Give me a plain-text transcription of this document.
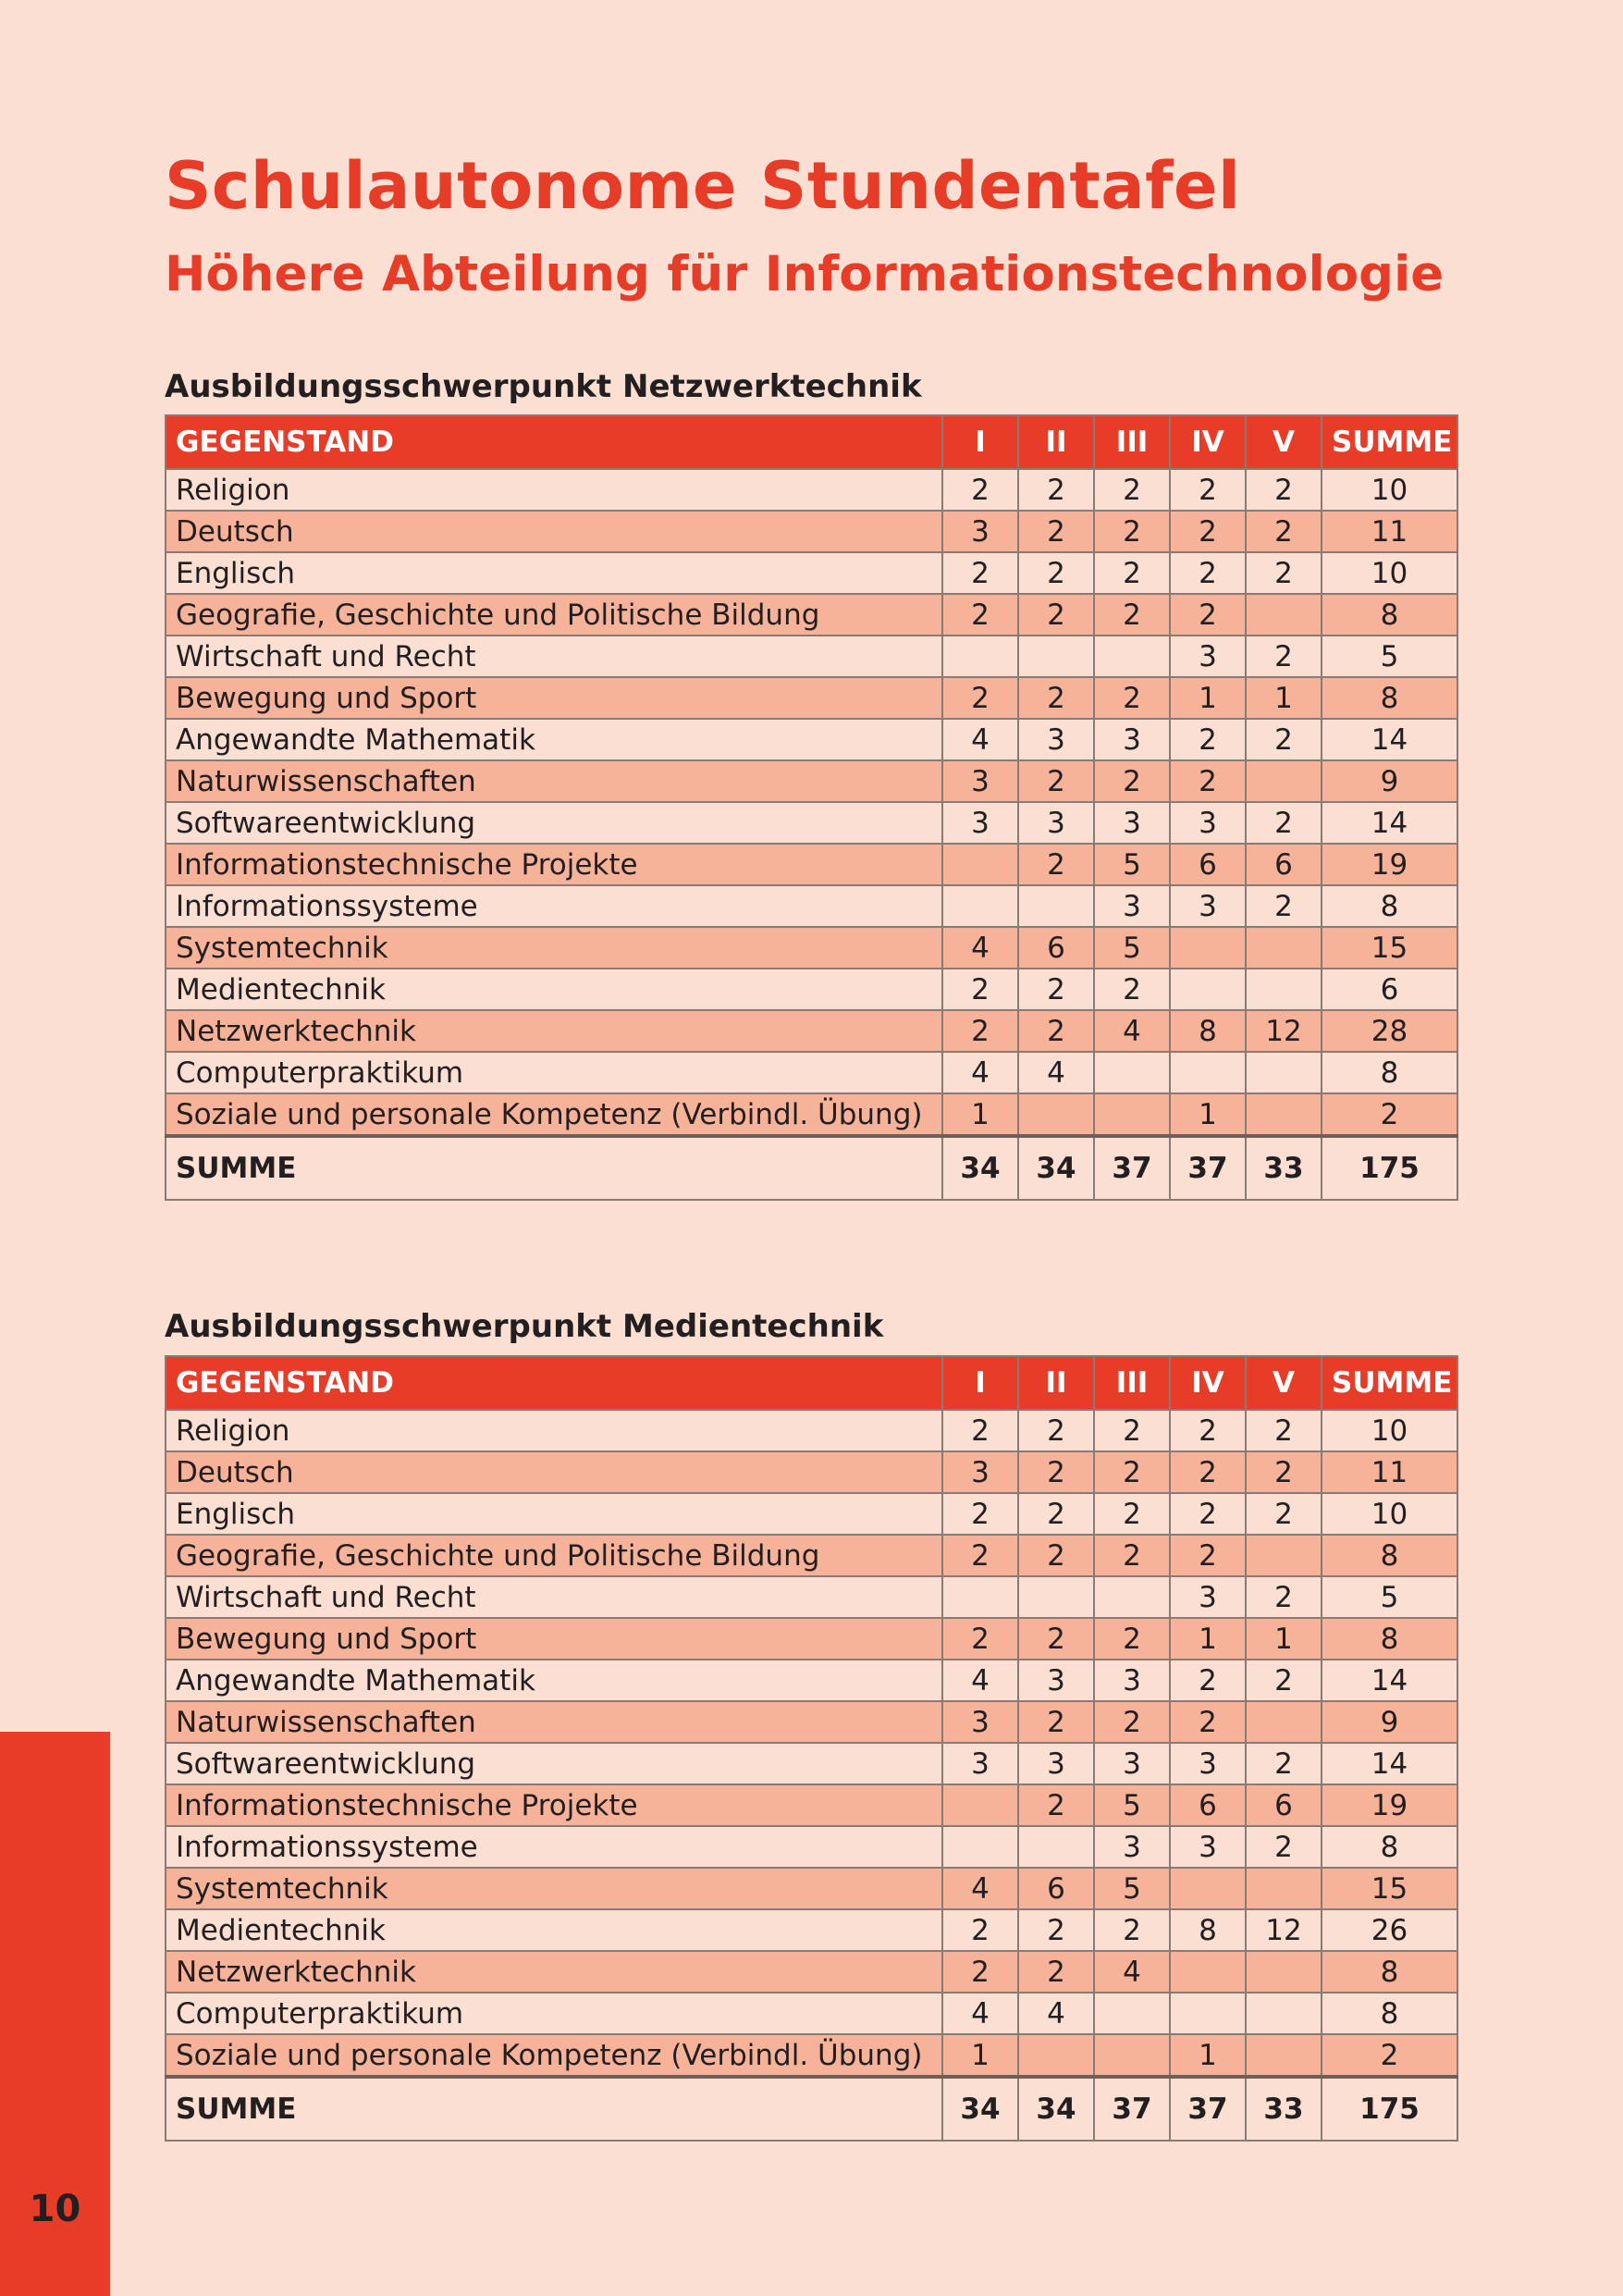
Schulautonome Stundentafel
Höhere Abteilung für Informationstechnologie
Ausbildungsschwerpunkt Netzwerktechnik
GEGENSTAND	I	II	III	IV	V	SUMME
Religion	2	2	2	2	2	10
Deutsch	3	2	2	2	2	11
Englisch	2	2	2	2	2	10
Geografie, Geschichte und Politische Bildung	2	2	2	2		8
Wirtschaft und Recht				3	2	5
Bewegung und Sport	2	2	2	1	1	8
Angewandte Mathematik	4	3	3	2	2	14
Naturwissenschaften	3	2	2	2		9
Softwareentwicklung	3	3	3	3	2	14
Informationstechnische Projekte		2	5	6	6	19
Informationssysteme			3	3	2	8
Systemtechnik	4	6	5			15
Medientechnik	2	2	2			6
Netzwerktechnik	2	2	4	8	12	28
Computerpraktikum	4	4				8
Soziale und personale Kompetenz (Verbindl. Übung)	1			1		2
SUMME	34	34	37	37	33	175
Ausbildungsschwerpunkt Medientechnik
GEGENSTAND	I	II	III	IV	V	SUMME
Religion	2	2	2	2	2	10
Deutsch	3	2	2	2	2	11
Englisch	2	2	2	2	2	10
Geografie, Geschichte und Politische Bildung	2	2	2	2		8
Wirtschaft und Recht				3	2	5
Bewegung und Sport	2	2	2	1	1	8
Angewandte Mathematik	4	3	3	2	2	14
Naturwissenschaften	3	2	2	2		9
Softwareentwicklung	3	3	3	3	2	14
Informationstechnische Projekte		2	5	6	6	19
Informationssysteme			3	3	2	8
Systemtechnik	4	6	5			15
Medientechnik	2	2	2	8	12	26
Netzwerktechnik	2	2	4			8
Computerpraktikum	4	4				8
Soziale und personale Kompetenz (Verbindl. Übung)	1			1		2
SUMME	34	34	37	37	33	175
10
